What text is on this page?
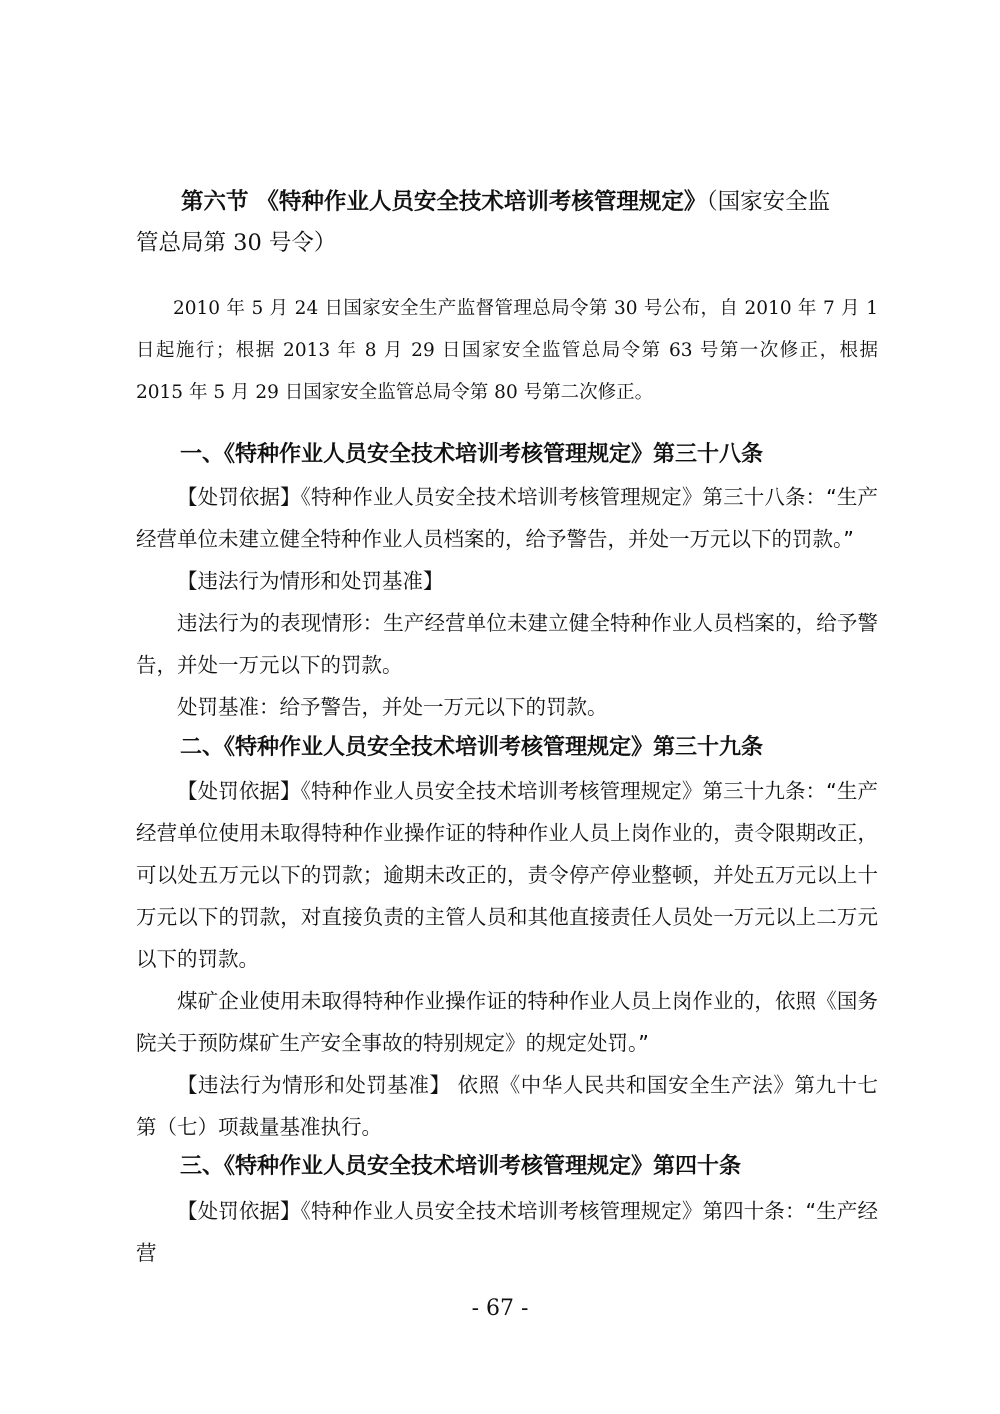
第六节 《特种作业人员安全技术培训考核管理规定》（国家安全监
管总局第 30 号令）

2010 年 5 月 24 日国家安全生产监督管理总局令第 30 号公布，自 2010 年 7 月 1 日起施行；根据 2013 年 8 月 29 日国家安全监管总局令第 63 号第一次修正，根据 2015 年 5 月 29 日国家安全监管总局令第 80 号第二次修正。

一、《特种作业人员安全技术培训考核管理规定》第三十八条

【处罚依据】《特种作业人员安全技术培训考核管理规定》第三十八条：“生产经营单位未建立健全特种作业人员档案的，给予警告，并处一万元以下的罚款。”

【违法行为情形和处罚基准】

违法行为的表现情形：生产经营单位未建立健全特种作业人员档案的，给予警告，并处一万元以下的罚款。

处罚基准：给予警告，并处一万元以下的罚款。

二、《特种作业人员安全技术培训考核管理规定》第三十九条

【处罚依据】《特种作业人员安全技术培训考核管理规定》第三十九条：“生产经营单位使用未取得特种作业操作证的特种作业人员上岗作业的，责令限期改正，可以处五万元以下的罚款；逾期未改正的，责令停产停业整顿，并处五万元以上十万元以下的罚款，对直接负责的主管人员和其他直接责任人员处一万元以上二万元以下的罚款。

煤矿企业使用未取得特种作业操作证的特种作业人员上岗作业的，依照《国务院关于预防煤矿生产安全事故的特别规定》的规定处罚。”

【违法行为情形和处罚基准】 依照《中华人民共和国安全生产法》第九十七第（七）项裁量基准执行。

三、《特种作业人员安全技术培训考核管理规定》第四十条

【处罚依据】《特种作业人员安全技术培训考核管理规定》第四十条：“生产经营

- 67 -
